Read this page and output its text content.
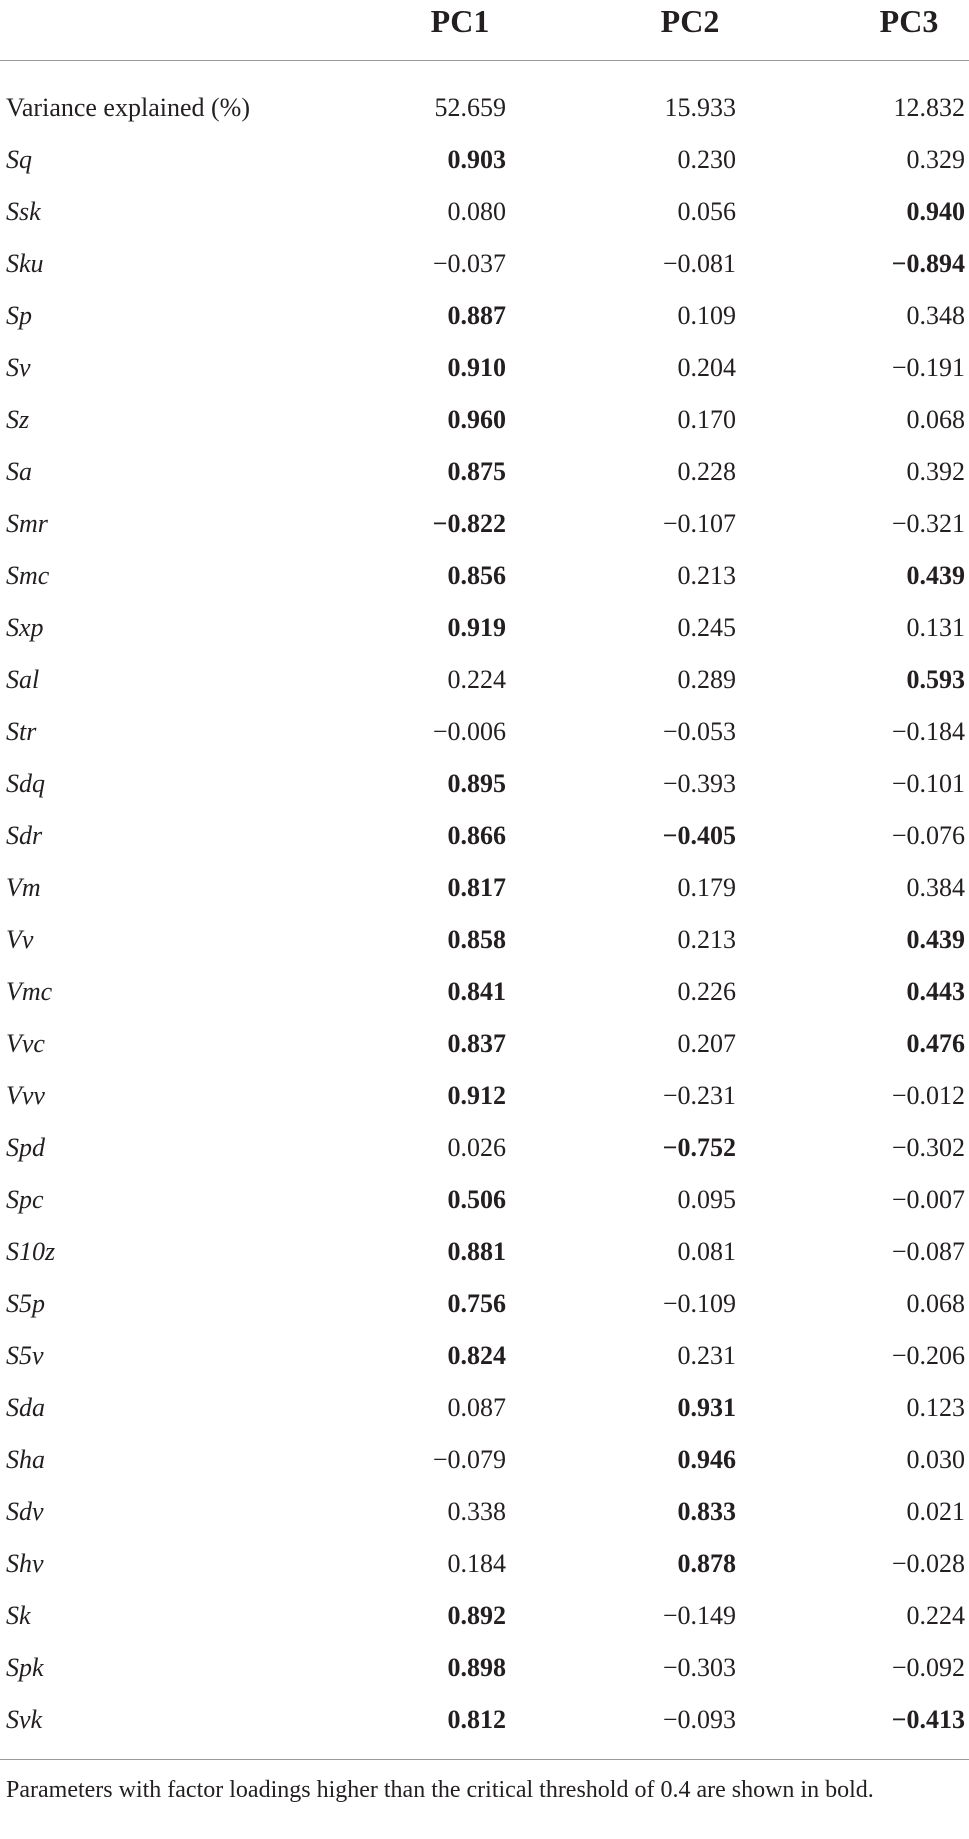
PC1	PC2	PC3
Variance explained (%)	52.659	15.933	12.832
Sq	0.903	0.230	0.329
Ssk	0.080	0.056	0.940
Sku	−0.037	−0.081	−0.894
Sp	0.887	0.109	0.348
Sv	0.910	0.204	−0.191
Sz	0.960	0.170	0.068
Sa	0.875	0.228	0.392
Smr	−0.822	−0.107	−0.321
Smc	0.856	0.213	0.439
Sxp	0.919	0.245	0.131
Sal	0.224	0.289	0.593
Str	−0.006	−0.053	−0.184
Sdq	0.895	−0.393	−0.101
Sdr	0.866	−0.405	−0.076
Vm	0.817	0.179	0.384
Vv	0.858	0.213	0.439
Vmc	0.841	0.226	0.443
Vvc	0.837	0.207	0.476
Vvv	0.912	−0.231	−0.012
Spd	0.026	−0.752	−0.302
Spc	0.506	0.095	−0.007
S10z	0.881	0.081	−0.087
S5p	0.756	−0.109	0.068
S5v	0.824	0.231	−0.206
Sda	0.087	0.931	0.123
Sha	−0.079	0.946	0.030
Sdv	0.338	0.833	0.021
Shv	0.184	0.878	−0.028
Sk	0.892	−0.149	0.224
Spk	0.898	−0.303	−0.092
Svk	0.812	−0.093	−0.413
Parameters with factor loadings higher than the critical threshold of 0.4 are shown in bold.
